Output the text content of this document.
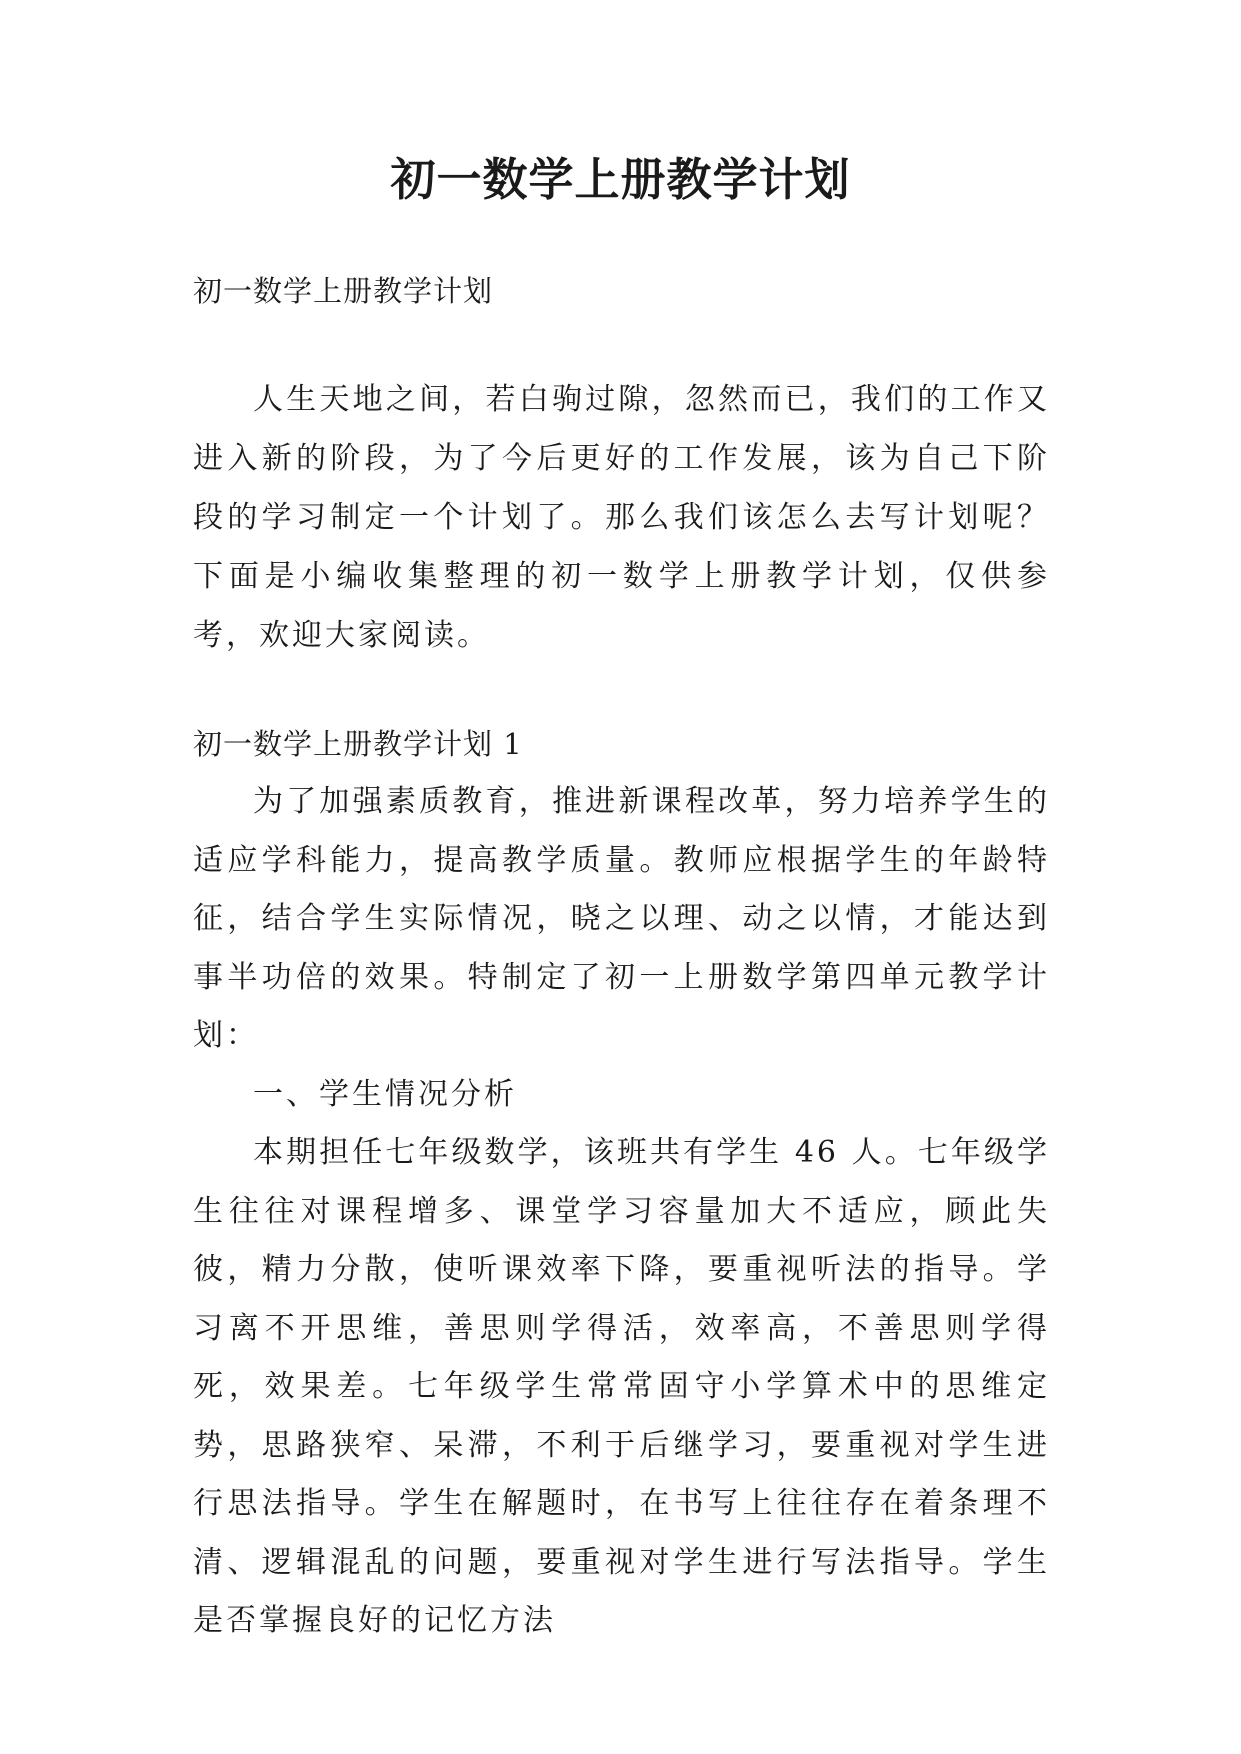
初一数学上册教学计划

初一数学上册教学计划

人生天地之间，若白驹过隙，忽然而已，我们的工作又进入新的阶段，为了今后更好的工作发展，该为自己下阶段的学习制定一个计划了。那么我们该怎么去写计划呢？下面是小编收集整理的初一数学上册教学计划，仅供参考，欢迎大家阅读。

初一数学上册教学计划 1

为了加强素质教育，推进新课程改革，努力培养学生的适应学科能力，提高教学质量。教师应根据学生的年龄特征，结合学生实际情况，晓之以理、动之以情，才能达到事半功倍的效果。特制定了初一上册数学第四单元教学计划：

一、学生情况分析

本期担任七年级数学，该班共有学生 46 人。七年级学生往往对课程增多、课堂学习容量加大不适应，顾此失彼，精力分散，使听课效率下降，要重视听法的指导。学习离不开思维，善思则学得活，效率高，不善思则学得死，效果差。七年级学生常常固守小学算术中的思维定势，思路狭窄、呆滞，不利于后继学习，要重视对学生进行思法指导。学生在解题时，在书写上往往存在着条理不清、逻辑混乱的问题，要重视对学生进行写法指导。学生是否掌握良好的记忆方法
